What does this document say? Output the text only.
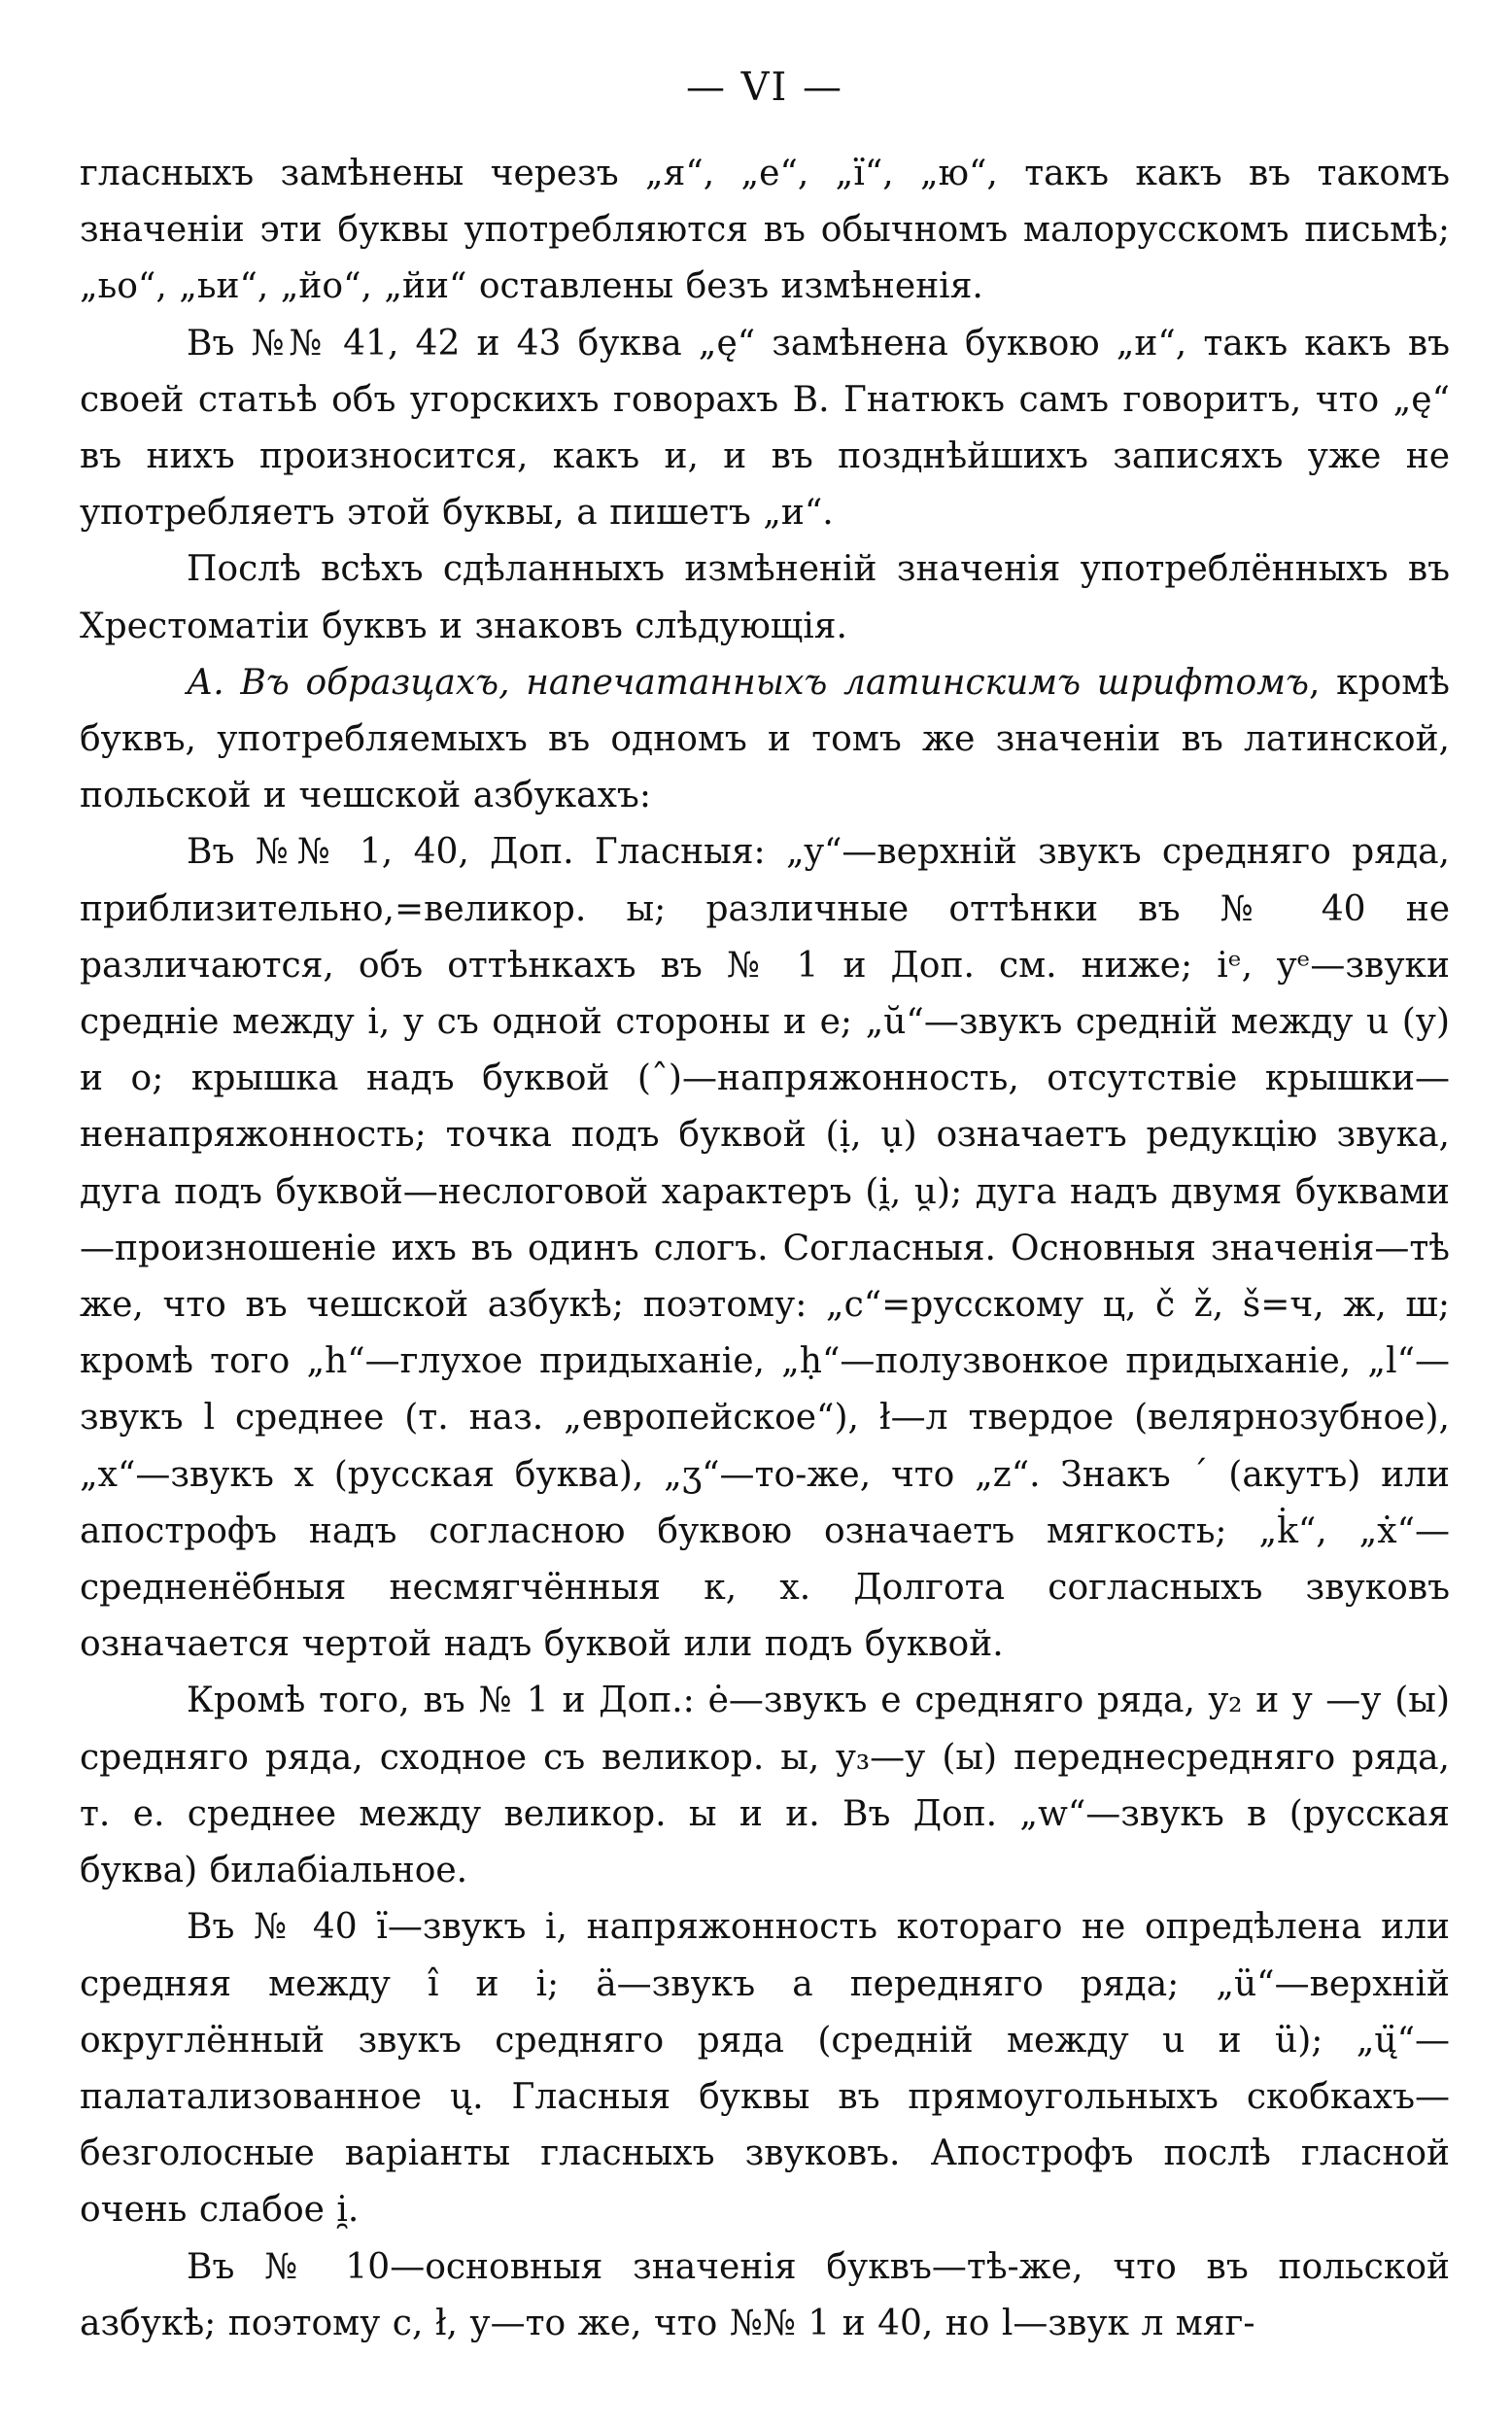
— VI —

гласныхъ замѣнены черезъ „я“, „е“, „ї“, „ю“, такъ какъ въ такомъ значенiи эти буквы употребляются въ обычномъ малорусскомъ письмѣ; „ьо“, „ьи“, „йо“, „йи“ оставлены безъ измѣненiя.

Въ №№ 41, 42 и 43 буква „ę“ замѣнена буквою „и“, такъ какъ въ своей статьѣ объ угорскихъ говорахъ В. Гнатюкъ самъ говоритъ, что „ę“ въ нихъ произносится, какъ и, и въ позднѣйшихъ записяхъ уже не употребляетъ этой буквы, а пишетъ „и“.

Послѣ всѣхъ сдѣланныхъ измѣненiй значенiя употреблённыхъ въ Хрестоматiи буквъ и знаковъ слѣдующiя.

А. Въ образцахъ, напечатанныхъ латинскимъ шрифтомъ, кромѣ буквъ, употребляемыхъ въ одномъ и томъ же значенiи въ латинской, польской и чешской азбукахъ:

Въ №№ 1, 40, Доп. Гласныя: „y“—верхнiй звукъ средняго ряда, приблизительно,=великор. ы; различные оттѣнки въ № 40 не различаются, объ оттѣнкахъ въ № 1 и Доп. см. ниже; iᵉ, yᵉ—звуки среднiе между і, у съ одной стороны и е; „ŭ“—звукъ среднiй между u (у) и o; крышка надъ буквой (ˆ)—напряжонность, отсутствiе крышки—ненапряжонность; точка подъ буквой (ị, ụ) означаетъ редукцiю звука, дуга подъ буквой—неслоговой характеръ (i̯, u̯); дуга надъ двумя буквами—произношенiе ихъ въ одинъ слогъ. Согласныя. Основныя значенiя—тѣ же, что въ чешской азбукѣ; поэтому: „c“=русскому ц, č ž, š=ч, ж, ш; кромѣ того „h“—глухое придыханiе, „ḥ“—полузвонкое придыханiе, „l“—звукъ l среднее (т. наз. „европейское“), ł—л твердое (велярнозубное), „x“—звукъ х (русская буква), „ʒ“—то-же, что „z“. Знакъ ´ (акутъ) или апострофъ надъ согласною буквою означаетъ мягкость; „k̇“, „ẋ“—средненёбныя несмягчённыя к, х. Долгота согласныхъ звуковъ означается чертой надъ буквой или подъ буквой.

Кромѣ того, въ № 1 и Доп.: ė—звукъ е средняго ряда, y₂ и y —у (ы) средняго ряда, сходное съ великор. ы, y₃—у (ы) переднесредняго ряда, т. е. среднее между великор. ы и и. Въ Доп. „w“—звукъ в (русская буква) билабiальное.

Въ № 40 ї—звукъ і, напряжонность котораго не опредѣлена или средняя между î и i; ä—звукъ а передняго ряда; „ü“—верхнiй округлённый звукъ средняго ряда (среднiй между u и ü); „ų̈“—палатализованное ų. Гласныя буквы въ прямоугольныхъ скобкахъ—безголосные варiанты гласныхъ звуковъ. Апострофъ послѣ гласной очень слабое i̯.

Въ № 10—основныя значенiя буквъ—тѣ-же, что въ польской азбукѣ; поэтому с, ł, у—то же, что №№ 1 и 40, но l—звук л мяг-
